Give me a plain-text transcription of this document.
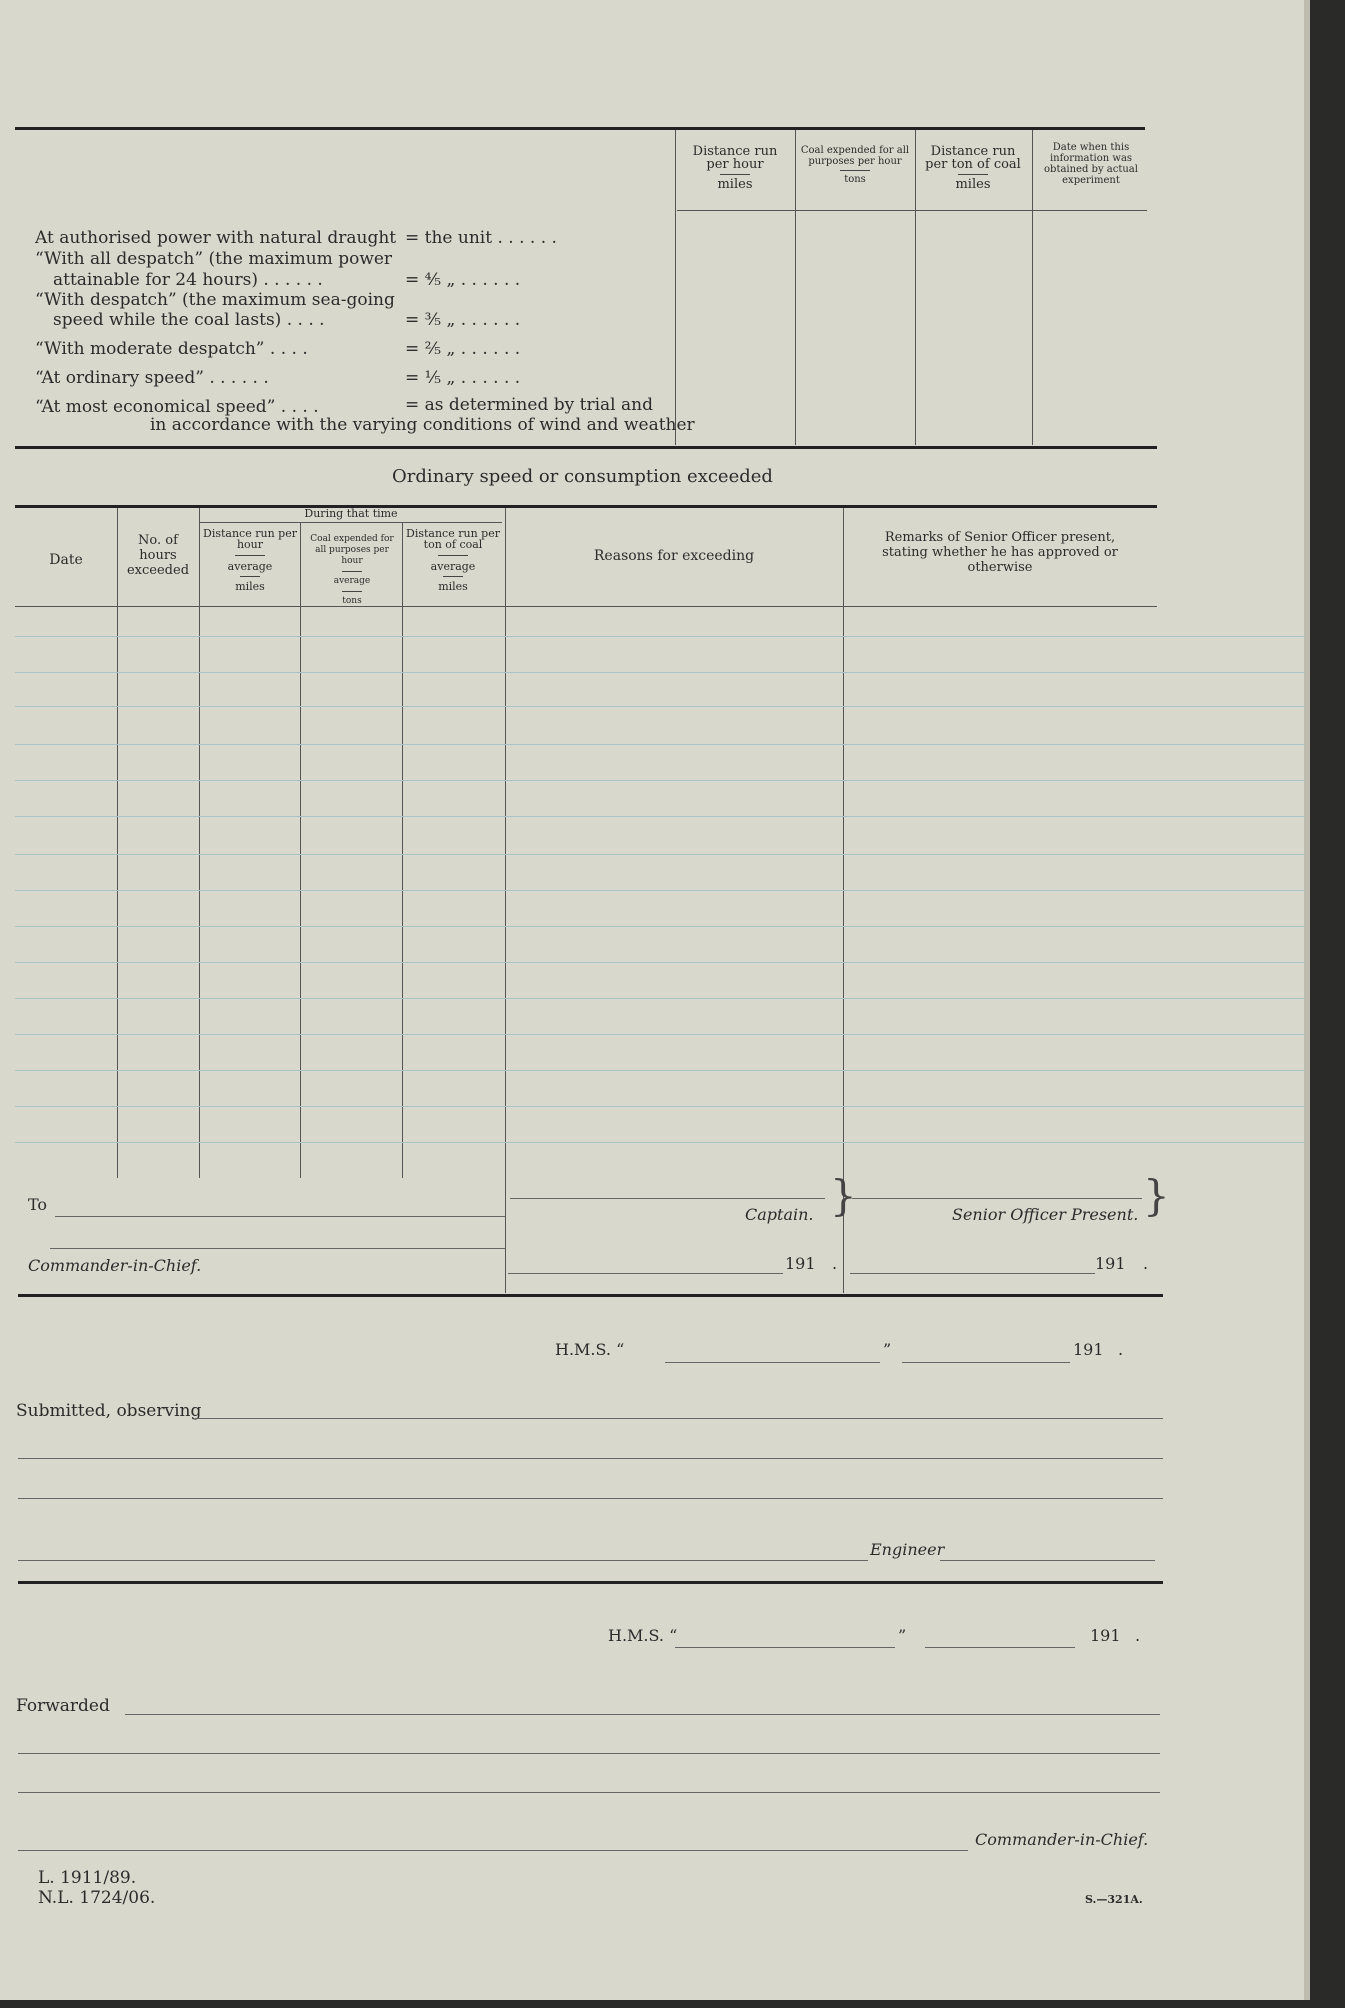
Distance run per hour
miles
Coal expended for all purposes per hour
tons
Distance run per ton of coal
miles
Date when this information was obtained by actual experiment
At authorised power with natural draught = the unit . . . . . .
“With all despatch” (the maximum power
attainable for 24 hours) . . . . . .	= ⁴⁄₅ „ . . . . . .
“With despatch” (the maximum sea-going
speed while the coal lasts) . . . .	= ³⁄₅ „ . . . . . .
“With moderate despatch” . . . .	= ²⁄₅ „ . . . . . .
“At ordinary speed” . . . . . .	= ¹⁄₅ „ . . . . . .
“At most economical speed” . . . .	= as determined by trial and
in accordance with the varying conditions of wind and weather
Ordinary speed or consumption exceeded
During that time
Date
No. of hours exceeded
Distance run per hour
average
miles
Coal expended for all purposes per hour
average
tons
Distance run per ton of coal
average
miles
Reasons for exceeding
Remarks of Senior Officer present, stating whether he has approved or otherwise
To
Commander-in-Chief.
Captain. }
191 .
Senior Officer Present. }
191 .
H.M.S. “	”	191 .
Submitted, observing
Engineer
H.M.S. “	”	191 .
Forwarded
Commander-in-Chief.
L. 1911/89.
N.L. 1724/06.	S.—321A.
